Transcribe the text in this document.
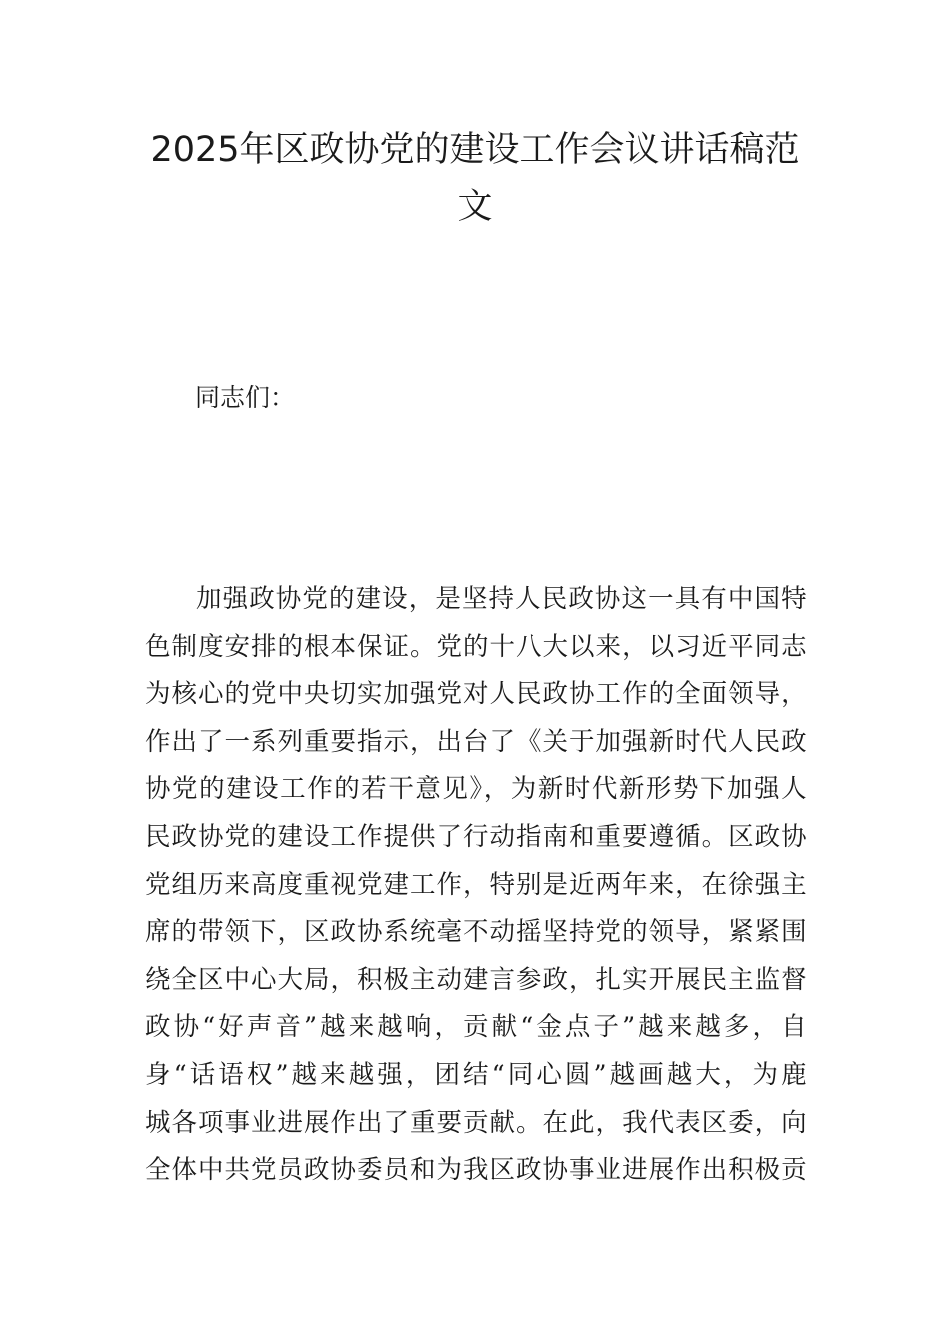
2025年区政协党的建设工作会议讲话稿范文

同志们：

加强政协党的建设，是坚持人民政协这一具有中国特
色制度安排的根本保证。党的十八大以来，以习近平同志
为核心的党中央切实加强党对人民政协工作的全面领导，
作出了一系列重要指示，出台了《关于加强新时代人民政
协党的建设工作的若干意见》，为新时代新形势下加强人
民政协党的建设工作提供了行动指南和重要遵循。区政协
党组历来高度重视党建工作，特别是近两年来，在徐强主
席的带领下，区政协系统毫不动摇坚持党的领导，紧紧围
绕全区中心大局，积极主动建言参政，扎实开展民主监督
政协“好声音”越来越响，贡献“金点子”越来越多，自
身“话语权”越来越强，团结“同心圆”越画越大，为鹿
城各项事业进展作出了重要贡献。在此，我代表区委，向
全体中共党员政协委员和为我区政协事业进展作出积极贡
